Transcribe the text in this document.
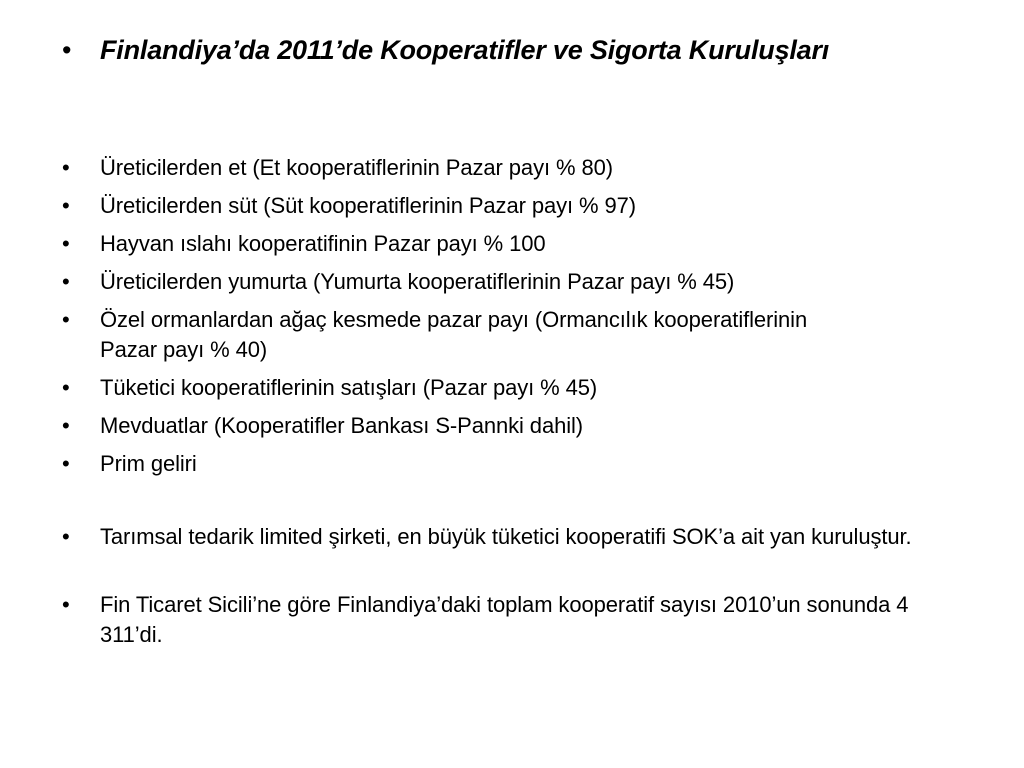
•	Finlandiya’da 2011’de Kooperatifler ve Sigorta Kuruluşları
•	Üreticilerden et (Et kooperatiflerinin Pazar payı % 80)
•	Üreticilerden süt (Süt kooperatiflerinin Pazar payı % 97)
•	Hayvan ıslahı kooperatifinin Pazar payı % 100
•	Üreticilerden yumurta (Yumurta kooperatiflerinin Pazar payı % 45)
•	Özel ormanlardan ağaç kesmede pazar payı (Ormancılık kooperatiflerinin Pazar payı % 40)
•	Tüketici kooperatiflerinin satışları (Pazar payı % 45)
•	Mevduatlar (Kooperatifler Bankası S-Pannki dahil)
•	Prim geliri
•	Tarımsal tedarik limited şirketi, en büyük tüketici kooperatifi SOK’a ait yan kuruluştur.
•	Fin Ticaret Sicili’ne göre Finlandiya’daki toplam kooperatif sayısı 2010’un sonunda 4 311’di.
